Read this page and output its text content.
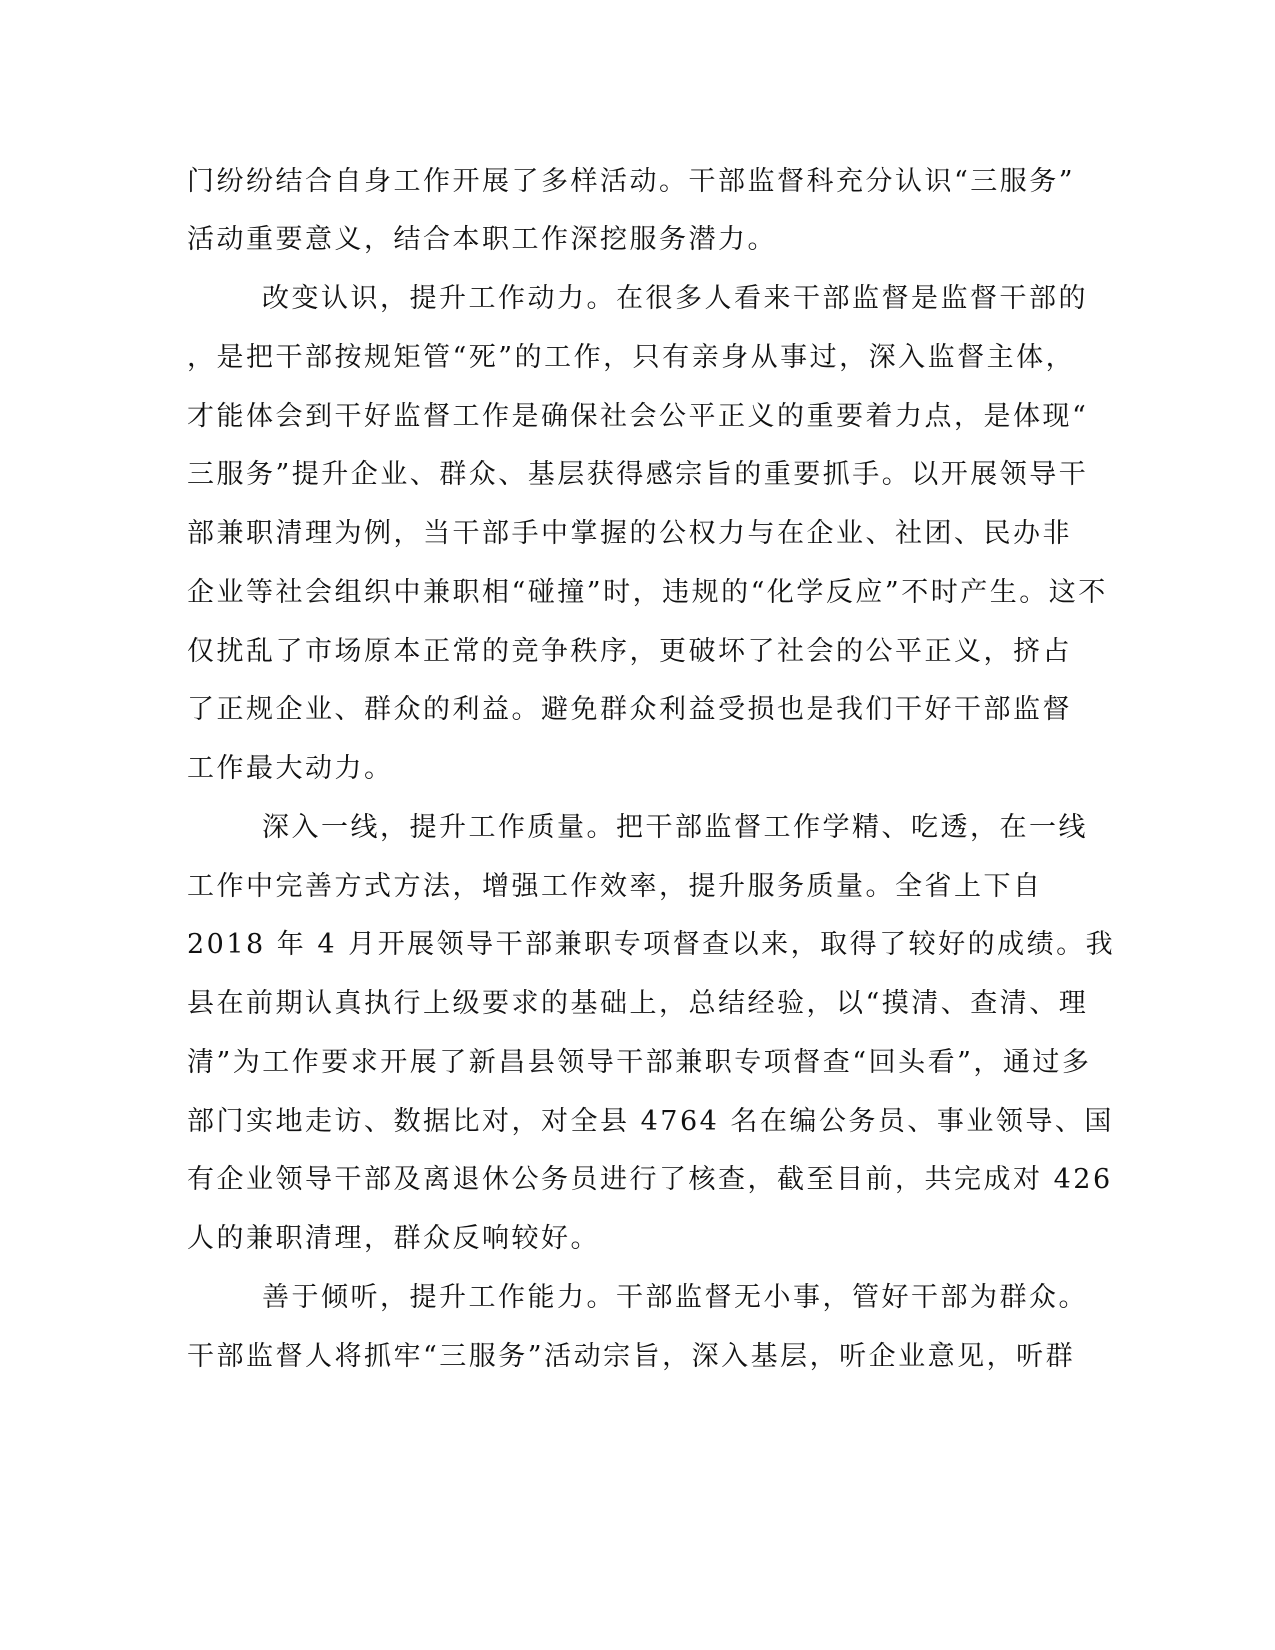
门纷纷结合自身工作开展了多样活动。干部监督科充分认识“三服务”
活动重要意义，结合本职工作深挖服务潜力。
改变认识，提升工作动力。在很多人看来干部监督是监督干部的
，是把干部按规矩管“死”的工作，只有亲身从事过，深入监督主体，
才能体会到干好监督工作是确保社会公平正义的重要着力点，是体现“
三服务”提升企业、群众、基层获得感宗旨的重要抓手。以开展领导干
部兼职清理为例，当干部手中掌握的公权力与在企业、社团、民办非
企业等社会组织中兼职相“碰撞”时，违规的“化学反应”不时产生。这不
仅扰乱了市场原本正常的竞争秩序，更破坏了社会的公平正义，挤占
了正规企业、群众的利益。避免群众利益受损也是我们干好干部监督
工作最大动力。
深入一线，提升工作质量。把干部监督工作学精、吃透，在一线
工作中完善方式方法，增强工作效率，提升服务质量。全省上下自
2018 年 4 月开展领导干部兼职专项督查以来，取得了较好的成绩。我
县在前期认真执行上级要求的基础上，总结经验，以“摸清、查清、理
清”为工作要求开展了新昌县领导干部兼职专项督查“回头看”，通过多
部门实地走访、数据比对，对全县 4764 名在编公务员、事业领导、国
有企业领导干部及离退休公务员进行了核查，截至目前，共完成对 426
人的兼职清理，群众反响较好。
善于倾听，提升工作能力。干部监督无小事，管好干部为群众。
干部监督人将抓牢“三服务”活动宗旨，深入基层，听企业意见，听群
